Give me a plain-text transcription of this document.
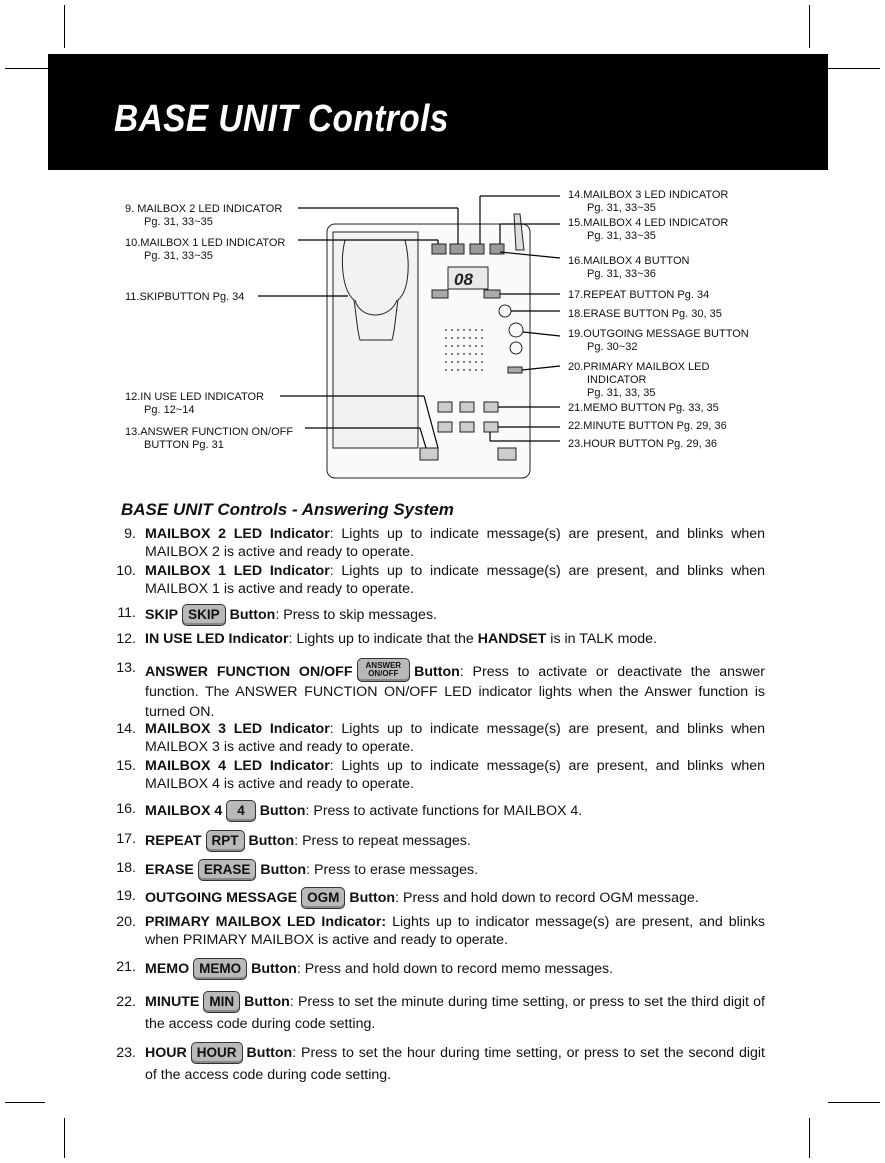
BASE UNIT Controls
08
9. MAILBOX 2 LED INDICATOR
Pg. 31, 33~35
10.MAILBOX 1 LED INDICATOR
Pg. 31, 33~35
11.SKIPBUTTON Pg. 34
12.IN USE LED INDICATOR
Pg. 12~14
13.ANSWER FUNCTION ON/OFF
BUTTON Pg. 31
14.MAILBOX 3 LED INDICATOR
Pg. 31, 33~35
15.MAILBOX 4 LED INDICATOR
Pg. 31, 33~35
16.MAILBOX 4 BUTTON
Pg. 31, 33~36
17.REPEAT BUTTON Pg. 34
18.ERASE BUTTON Pg. 30, 35
19.OUTGOING MESSAGE BUTTON
Pg. 30~32
20.PRIMARY MAILBOX LED
INDICATOR
Pg. 31, 33, 35
21.MEMO BUTTON Pg. 33, 35
22.MINUTE BUTTON Pg. 29, 36
23.HOUR BUTTON Pg. 29, 36
BASE UNIT Controls - Answering System
9. MAILBOX 2 LED Indicator: Lights up to indicate message(s) are present, and blinks when MAILBOX 2 is active and ready to operate.
10. MAILBOX 1 LED Indicator: Lights up to indicate message(s) are present, and blinks when MAILBOX 1 is active and ready to operate.
11. SKIP SKIP Button: Press to skip messages.
12. IN USE LED Indicator: Lights up to indicate that the HANDSET is in TALK mode.
13. ANSWER FUNCTION ON/OFF ANSWER
ON/OFF Button: Press to activate or deactivate the answer function. The ANSWER FUNCTION ON/OFF LED indicator lights when the Answer function is turned ON.
14. MAILBOX 3 LED Indicator: Lights up to indicate message(s) are present, and blinks when MAILBOX 3 is active and ready to operate.
15. MAILBOX 4 LED Indicator: Lights up to indicate message(s) are present, and blinks when MAILBOX 4 is active and ready to operate.
16. MAILBOX 4 4 Button: Press to activate functions for MAILBOX 4.
17. REPEAT RPT Button: Press to repeat messages.
18. ERASE ERASE Button: Press to erase messages.
19. OUTGOING MESSAGE OGM Button: Press and hold down to record OGM message.
20. PRIMARY MAILBOX LED Indicator: Lights up to indicator message(s) are present, and blinks when PRIMARY MAILBOX is active and ready to operate.
21. MEMO MEMO Button: Press and hold down to record memo messages.
22. MINUTE MIN Button: Press to set the minute during time setting, or press to set the third digit of the access code during code setting.
23. HOUR HOUR Button: Press to set the hour during time setting, or press to set the second digit of the access code during code setting.
